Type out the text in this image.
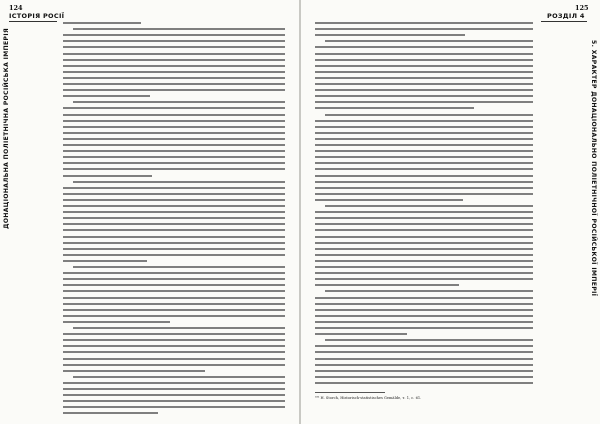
124
ІСТОРІЯ РОСІЇ
ДОНАЦІОНАЛЬНА ПОЛІЕТНІЧНА РОСІЙСЬКА ІМПЕРІЯ
125
РОЗДІЛ 4
5. ХАРАКТЕР ДОНАЦІОНАЛЬНО ПОЛІЕТНІЧНОЇ РОСІЙСЬКОЇ ІМПЕРІЇ
⁶³² H. Storch, Historisch-statistisches Gemälde, т. 1, с. 61.
